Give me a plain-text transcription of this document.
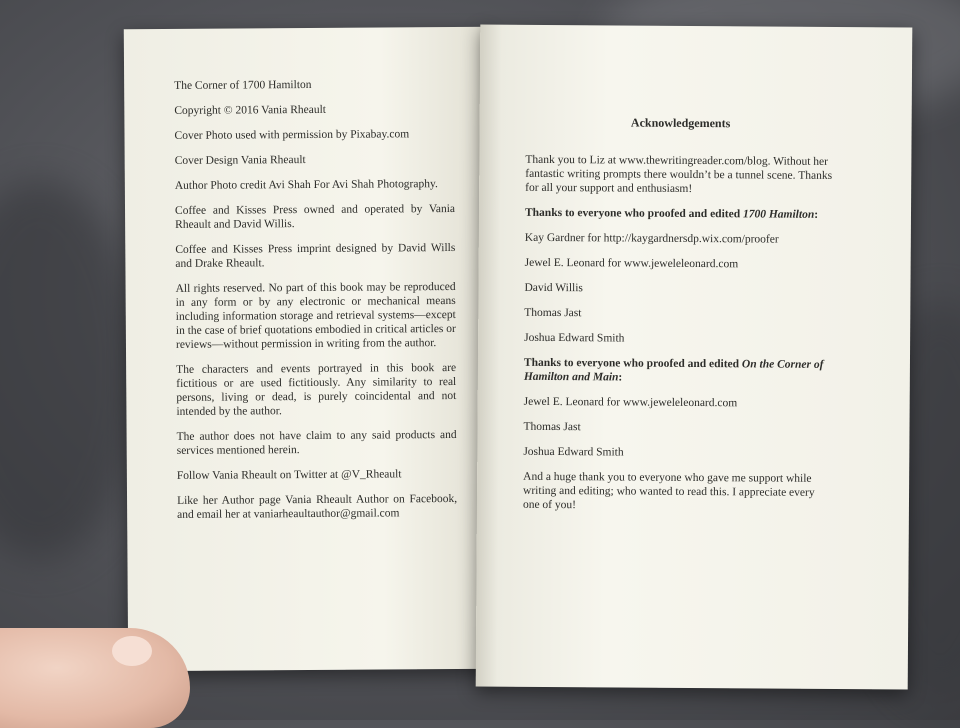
The Corner of 1700 Hamilton

Copyright © 2016 Vania Rheault

Cover Photo used with permission by Pixabay.com

Cover Design Vania Rheault

Author Photo credit Avi Shah For Avi Shah Photography.

Coffee and Kisses Press owned and operated by Vania Rheault and David Willis.

Coffee and Kisses Press imprint designed by David Wills and Drake Rheault.

All rights reserved. No part of this book may be reproduced in any form or by any electronic or mechanical means including information storage and retrieval systems—except in the case of brief quotations embodied in critical articles or reviews—without permission in writing from the author.

The characters and events portrayed in this book are fictitious or are used fictitiously. Any similarity to real persons, living or dead, is purely coincidental and not intended by the author.

The author does not have claim to any said products and services mentioned herein.

Follow Vania Rheault on Twitter at @V_Rheault

Like her Author page Vania Rheault Author on Facebook, and email her at vaniarheaultauthor@gmail.com

Acknowledgements

Thank you to Liz at www.thewritingreader.com/blog. Without her fantastic writing prompts there wouldn’t be a tunnel scene. Thanks for all your support and enthusiasm!

Thanks to everyone who proofed and edited 1700 Hamilton:

Kay Gardner for http://kaygardnersdp.wix.com/proofer

Jewel E. Leonard for www.jeweleleonard.com

David Willis

Thomas Jast

Joshua Edward Smith

Thanks to everyone who proofed and edited On the Corner of Hamilton and Main:

Jewel E. Leonard for www.jeweleleonard.com

Thomas Jast

Joshua Edward Smith

And a huge thank you to everyone who gave me support while writing and editing; who wanted to read this. I appreciate every one of you!
